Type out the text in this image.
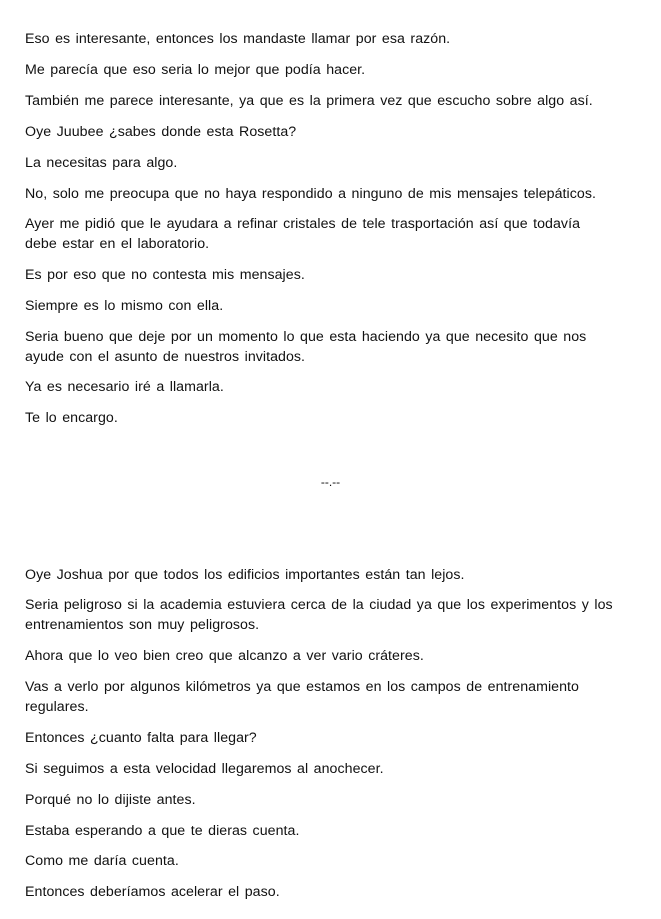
Eso es interesante, entonces los mandaste llamar por esa razón.

Me parecía que eso seria lo mejor que podía hacer.

También me parece interesante, ya que es la primera vez que escucho sobre algo así.

Oye Juubee ¿sabes donde esta Rosetta?

La necesitas para algo.

No, solo me preocupa que no haya respondido a ninguno de mis mensajes telepáticos.

Ayer me pidió que le ayudara a refinar cristales de tele trasportación así que todavía debe estar en el laboratorio.

Es por eso que no contesta mis mensajes.

Siempre es lo mismo con ella.

Seria bueno que deje por un momento lo que esta haciendo ya que necesito que nos ayude con el asunto de nuestros invitados.

Ya es necesario iré a llamarla.

Te lo encargo.

--.--

Oye Joshua por que todos los edificios importantes están tan lejos.

Seria peligroso si la academia estuviera cerca de la ciudad ya que los experimentos y los entrenamientos son muy peligrosos.

Ahora que lo veo bien creo que alcanzo a ver vario cráteres.

Vas a verlo por algunos kilómetros ya que estamos en los campos de entrenamiento regulares.

Entonces ¿cuanto falta para llegar?

Si seguimos a esta velocidad llegaremos al anochecer.

Porqué no lo dijiste antes.

Estaba esperando a que te dieras cuenta.

Como me daría cuenta.

Entonces deberíamos acelerar el paso.
